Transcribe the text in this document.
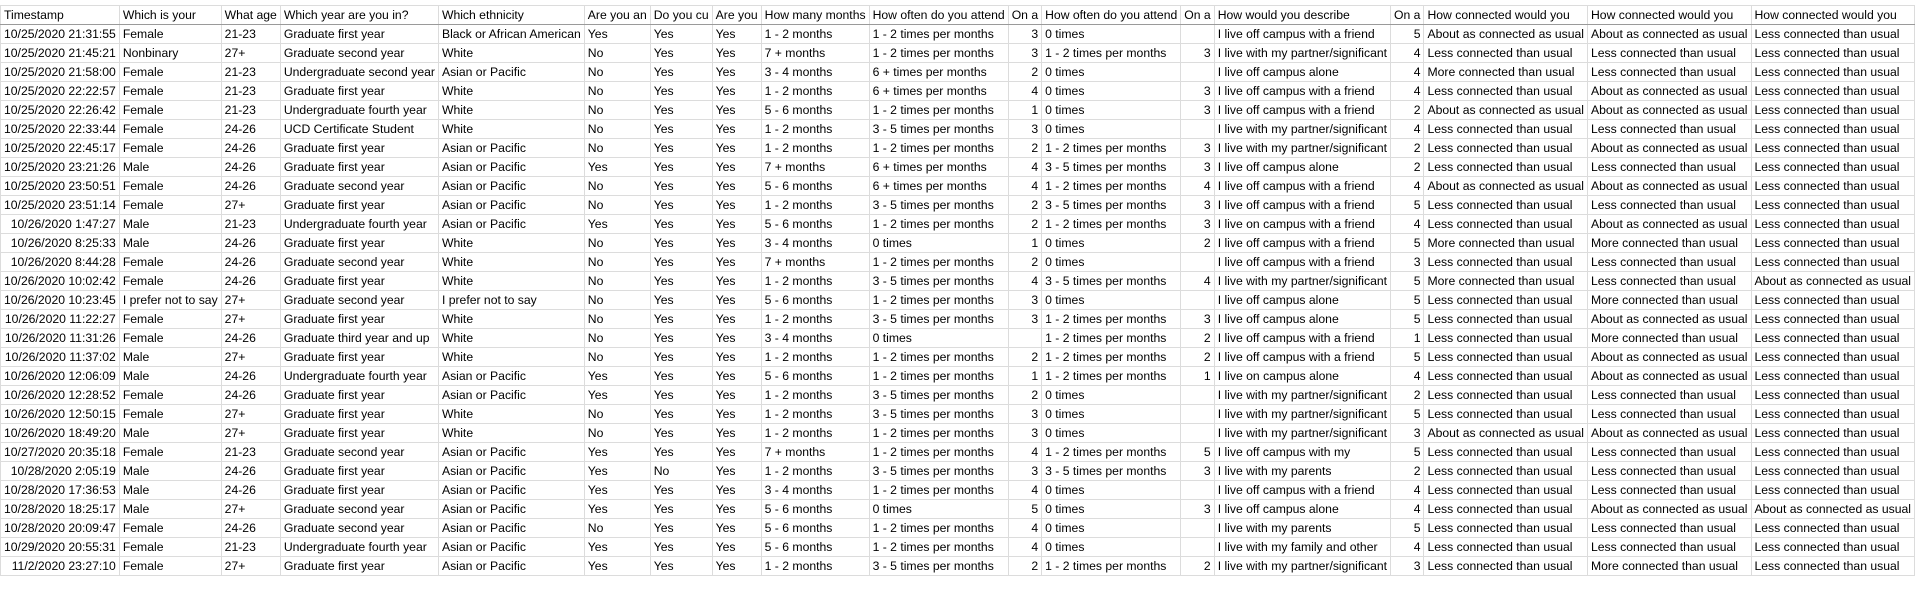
Timestamp	Which is your	What age	Which year are you in?	Which ethnicity	Are you an	Do you cu	Are you	How many months	How often do you attend	On a	How often do you attend	On a	How would you describe	On a	How connected would you	How connected would you	How connected would you
10/25/2020 21:31:55	Female	21-23	Graduate first year	Black or African American	Yes	Yes	Yes	1 - 2 months	1 - 2 times per months	3	0 times		I live off campus with a friend	5	About as connected as usual	About as connected as usual	Less connected than usual
10/25/2020 21:45:21	Nonbinary	27+	Graduate second year	White	No	Yes	Yes	7 + months	1 - 2 times per months	3	1 - 2 times per months	3	I live with my partner/significant	4	Less connected than usual	Less connected than usual	Less connected than usual
10/25/2020 21:58:00	Female	21-23	Undergraduate second year	Asian or Pacific	No	Yes	Yes	3 - 4 months	6 + times per months	2	0 times		I live off campus alone	4	More connected than usual	Less connected than usual	Less connected than usual
10/25/2020 22:22:57	Female	21-23	Graduate first year	White	No	Yes	Yes	1 - 2 months	6 + times per months	4	0 times	3	I live off campus with a friend	4	Less connected than usual	About as connected as usual	Less connected than usual
10/25/2020 22:26:42	Female	21-23	Undergraduate fourth year	White	No	Yes	Yes	5 - 6 months	1 - 2 times per months	1	0 times	3	I live off campus with a friend	2	About as connected as usual	About as connected as usual	Less connected than usual
10/25/2020 22:33:44	Female	24-26	UCD Certificate Student	White	No	Yes	Yes	1 - 2 months	3 - 5 times per months	3	0 times		I live with my partner/significant	4	Less connected than usual	Less connected than usual	Less connected than usual
10/25/2020 22:45:17	Female	24-26	Graduate first year	Asian or Pacific	No	Yes	Yes	1 - 2 months	1 - 2 times per months	2	1 - 2 times per months	3	I live with my partner/significant	2	Less connected than usual	About as connected as usual	Less connected than usual
10/25/2020 23:21:26	Male	24-26	Graduate first year	Asian or Pacific	Yes	Yes	Yes	7 + months	6 + times per months	4	3 - 5 times per months	3	I live off campus alone	2	Less connected than usual	Less connected than usual	Less connected than usual
10/25/2020 23:50:51	Female	24-26	Graduate second year	Asian or Pacific	No	Yes	Yes	5 - 6 months	6 + times per months	4	1 - 2 times per months	4	I live off campus with a friend	4	About as connected as usual	About as connected as usual	Less connected than usual
10/25/2020 23:51:14	Female	27+	Graduate first year	Asian or Pacific	No	Yes	Yes	1 - 2 months	3 - 5 times per months	2	3 - 5 times per months	3	I live off campus with a friend	5	Less connected than usual	Less connected than usual	Less connected than usual
10/26/2020 1:47:27	Male	21-23	Undergraduate fourth year	Asian or Pacific	Yes	Yes	Yes	5 - 6 months	1 - 2 times per months	2	1 - 2 times per months	3	I live on campus with a friend	4	Less connected than usual	About as connected as usual	Less connected than usual
10/26/2020 8:25:33	Male	24-26	Graduate first year	White	No	Yes	Yes	3 - 4 months	0 times	1	0 times	2	I live off campus with a friend	5	More connected than usual	More connected than usual	Less connected than usual
10/26/2020 8:44:28	Female	24-26	Graduate second year	White	No	Yes	Yes	7 + months	1 - 2 times per months	2	0 times		I live off campus with a friend	3	Less connected than usual	Less connected than usual	Less connected than usual
10/26/2020 10:02:42	Female	24-26	Graduate first year	White	No	Yes	Yes	1 - 2 months	3 - 5 times per months	4	3 - 5 times per months	4	I live with my partner/significant	5	More connected than usual	Less connected than usual	About as connected as usual
10/26/2020 10:23:45	I prefer not to say	27+	Graduate second year	I prefer not to say	No	Yes	Yes	5 - 6 months	1 - 2 times per months	3	0 times		I live off campus alone	5	Less connected than usual	More connected than usual	Less connected than usual
10/26/2020 11:22:27	Female	27+	Graduate first year	White	No	Yes	Yes	1 - 2 months	3 - 5 times per months	3	1 - 2 times per months	3	I live off campus alone	5	Less connected than usual	About as connected as usual	Less connected than usual
10/26/2020 11:31:26	Female	24-26	Graduate third year and up	White	No	Yes	Yes	3 - 4 months	0 times		1 - 2 times per months	2	I live off campus with a friend	1	Less connected than usual	More connected than usual	Less connected than usual
10/26/2020 11:37:02	Male	27+	Graduate first year	White	No	Yes	Yes	1 - 2 months	1 - 2 times per months	2	1 - 2 times per months	2	I live off campus with a friend	5	Less connected than usual	About as connected as usual	Less connected than usual
10/26/2020 12:06:09	Male	24-26	Undergraduate fourth year	Asian or Pacific	Yes	Yes	Yes	5 - 6 months	1 - 2 times per months	1	1 - 2 times per months	1	I live on campus alone	4	Less connected than usual	About as connected as usual	Less connected than usual
10/26/2020 12:28:52	Female	24-26	Graduate first year	Asian or Pacific	Yes	Yes	Yes	1 - 2 months	3 - 5 times per months	2	0 times		I live with my partner/significant	2	Less connected than usual	Less connected than usual	Less connected than usual
10/26/2020 12:50:15	Female	27+	Graduate first year	White	No	Yes	Yes	1 - 2 months	3 - 5 times per months	3	0 times		I live with my partner/significant	5	Less connected than usual	Less connected than usual	Less connected than usual
10/26/2020 18:49:20	Male	27+	Graduate first year	White	No	Yes	Yes	1 - 2 months	1 - 2 times per months	3	0 times		I live with my partner/significant	3	About as connected as usual	About as connected as usual	Less connected than usual
10/27/2020 20:35:18	Female	21-23	Graduate second year	Asian or Pacific	Yes	Yes	Yes	7 + months	1 - 2 times per months	4	1 - 2 times per months	5	I live off campus with my	5	Less connected than usual	Less connected than usual	Less connected than usual
10/28/2020 2:05:19	Male	24-26	Graduate first year	Asian or Pacific	Yes	No	Yes	1 - 2 months	3 - 5 times per months	3	3 - 5 times per months	3	I live with my parents	2	Less connected than usual	Less connected than usual	Less connected than usual
10/28/2020 17:36:53	Male	24-26	Graduate first year	Asian or Pacific	Yes	Yes	Yes	3 - 4 months	1 - 2 times per months	4	0 times		I live off campus with a friend	4	Less connected than usual	Less connected than usual	Less connected than usual
10/28/2020 18:25:17	Male	27+	Graduate second year	Asian or Pacific	Yes	Yes	Yes	5 - 6 months	0 times	5	0 times	3	I live off campus alone	4	Less connected than usual	About as connected as usual	About as connected as usual
10/28/2020 20:09:47	Female	24-26	Graduate second year	Asian or Pacific	No	Yes	Yes	5 - 6 months	1 - 2 times per months	4	0 times		I live with my parents	5	Less connected than usual	Less connected than usual	Less connected than usual
10/29/2020 20:55:31	Female	21-23	Undergraduate fourth year	Asian or Pacific	Yes	Yes	Yes	5 - 6 months	1 - 2 times per months	4	0 times		I live with my family and other	4	Less connected than usual	Less connected than usual	Less connected than usual
11/2/2020 23:27:10	Female	27+	Graduate first year	Asian or Pacific	Yes	Yes	Yes	1 - 2 months	3 - 5 times per months	2	1 - 2 times per months	2	I live with my partner/significant	3	Less connected than usual	More connected than usual	Less connected than usual
